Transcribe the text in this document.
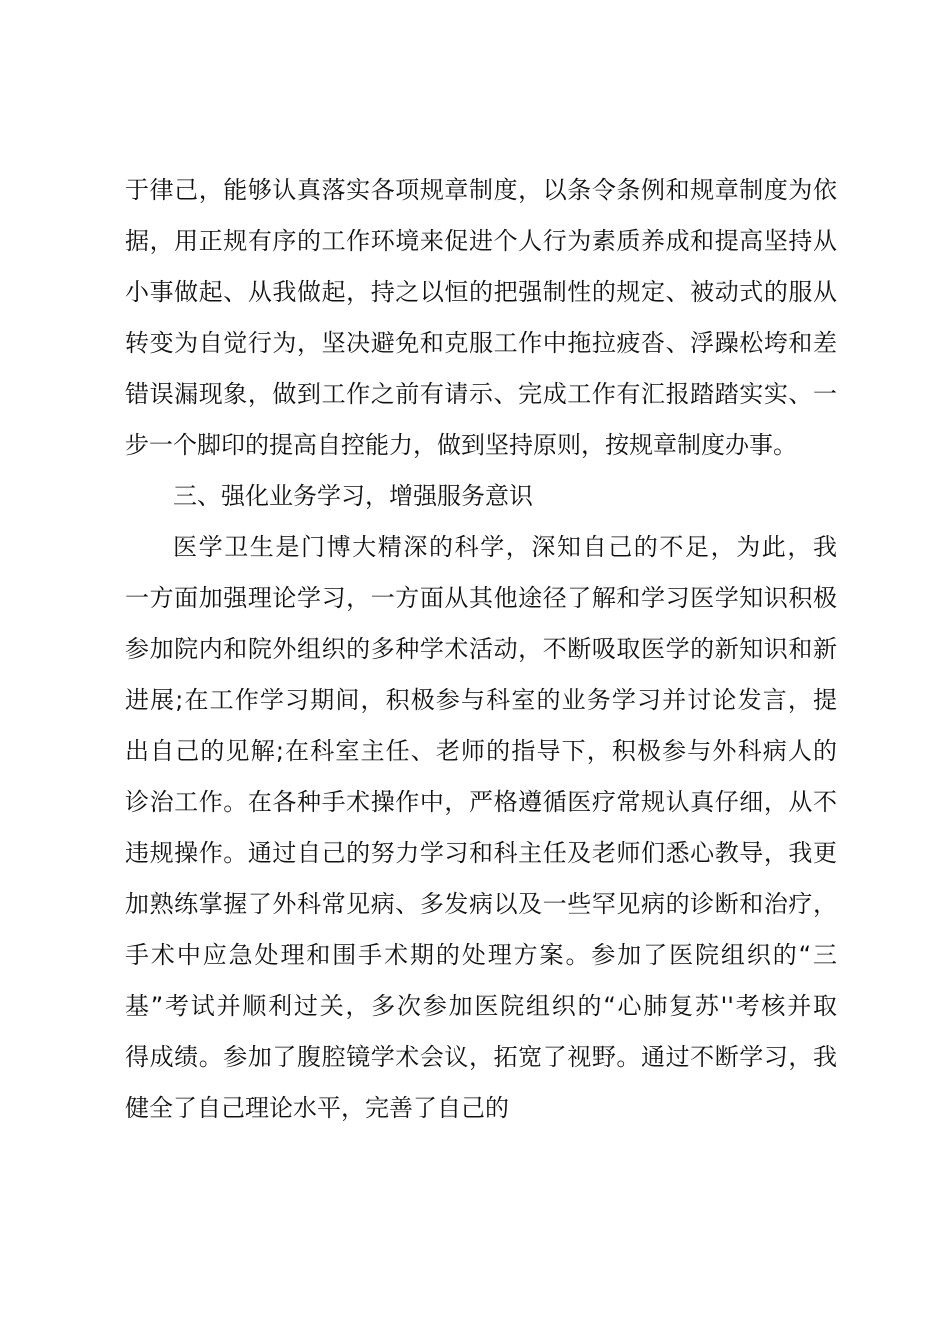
于律己，能够认真落实各项规章制度，以条令条例和规章制度为依
据，用正规有序的工作环境来促进个人行为素质养成和提高坚持从
小事做起、从我做起，持之以恒的把强制性的规定、被动式的服从
转变为自觉行为，坚决避免和克服工作中拖拉疲沓、浮躁松垮和差
错误漏现象，做到工作之前有请示、完成工作有汇报踏踏实实、一
步一个脚印的提高自控能力，做到坚持原则，按规章制度办事。
三、强化业务学习，增强服务意识
医学卫生是门博大精深的科学，深知自己的不足，为此，我
一方面加强理论学习，一方面从其他途径了解和学习医学知识积极
参加院内和院外组织的多种学术活动，不断吸取医学的新知识和新
进展;在工作学习期间，积极参与科室的业务学习并讨论发言，提
出自己的见解;在科室主任、老师的指导下，积极参与外科病人的
诊治工作。在各种手术操作中，严格遵循医疗常规认真仔细，从不
违规操作。通过自己的努力学习和科主任及老师们悉心教导，我更
加熟练掌握了外科常见病、多发病以及一些罕见病的诊断和治疗，
手术中应急处理和围手术期的处理方案。参加了医院组织的“三
基”考试并顺利过关，多次参加医院组织的“心肺复苏''考核并取
得成绩。参加了腹腔镜学术会议，拓宽了视野。通过不断学习，我
健全了自己理论水平，完善了自己的
